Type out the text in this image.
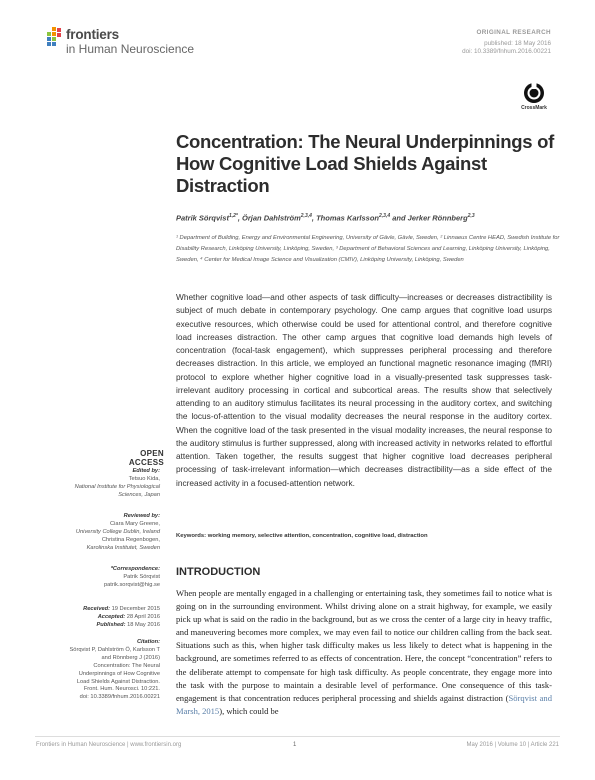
frontiers
in Human Neuroscience
ORIGINAL RESEARCH
published: 18 May 2016
doi: 10.3389/fnhum.2016.00221
CrossMark
Concentration: The Neural Underpinnings of How Cognitive Load Shields Against Distraction
Patrik Sörqvist$^{1,2*}$, Örjan Dahlström$^{2,3,4}$, Thomas Karlsson$^{2,3,4}$ and Jerker Rönnberg$^{2,3}$
¹ Department of Building, Energy and Environmental Engineering, University of Gävle, Gävle, Sweden, ² Linnaeus Centre HEAD, Swedish Institute for Disability Research, Linköping University, Linköping, Sweden, ³ Department of Behavioral Sciences and Learning, Linköping University, Linköping, Sweden, ⁴ Center for Medical Image Science and Visualization (CMIV), Linköping University, Linköping, Sweden
Whether cognitive load—and other aspects of task difficulty—increases or decreases distractibility is subject of much debate in contemporary psychology. One camp argues that cognitive load usurps executive resources, which otherwise could be used for attentional control, and therefore cognitive load increases distraction. The other camp argues that cognitive load demands high levels of concentration (focal-task engagement), which suppresses peripheral processing and therefore decreases distraction. In this article, we employed an functional magnetic resonance imaging (fMRI) protocol to explore whether higher cognitive load in a visually-presented task suppresses task-irrelevant auditory processing in cortical and subcortical areas. The results show that selectively attending to an auditory stimulus facilitates its neural processing in the auditory cortex, and switching the locus-of-attention to the visual modality decreases the neural response in the auditory cortex. When the cognitive load of the task presented in the visual modality increases, the neural response to the auditory stimulus is further suppressed, along with increased activity in networks related to effortful attention. Taken together, the results suggest that higher cognitive load decreases peripheral processing of task-irrelevant information—which decreases distractibility—as a side effect of the increased activity in a focused-attention network.
Keywords: working memory, selective attention, concentration, cognitive load, distraction
INTRODUCTION
When people are mentally engaged in a challenging or entertaining task, they sometimes fail to notice what is going on in the surrounding environment. Whilst driving alone on a strait highway, for example, we easily pick up what is said on the radio in the background, but as we cross the center of a large city in heavy traffic, and maneuvering becomes more complex, we may even fail to notice our children calling from the back seat. Situations such as this, when higher task difficulty makes us less likely to detect what is happening in the background, are sometimes referred to as effects of concentration. Here, the concept “concentration” refers to the deliberate attempt to compensate for high task difficulty. As people concentrate, they engage more into the task with the purpose to maintain a desirable level of performance. One consequence of this task-engagement is that concentration reduces peripheral processing and shields against distraction (Sörqvist and Marsh, 2015), which could be
OPEN ACCESS
Edited by:
Tetsuo Kida,
National Institute for Physiological
Sciences, Japan
Reviewed by:
Ciara Mary Greene,
University College Dublin, Ireland
Christina Regenbogen,
Karolinska Institutet, Sweden
*Correspondence:
Patrik Sörqvist
patrik.sorqvist@hig.se
Received: 19 December 2015
Accepted: 28 April 2016
Published: 18 May 2016
Citation:
Sörqvist P, Dahlström Ö, Karlsson T
and Rönnberg J (2016)
Concentration: The Neural
Underpinnings of How Cognitive
Load Shields Against Distraction.
Front. Hum. Neurosci. 10:221.
doi: 10.3389/fnhum.2016.00221
Frontiers in Human Neuroscience | www.frontiersin.org	1	May 2016 | Volume 10 | Article 221
